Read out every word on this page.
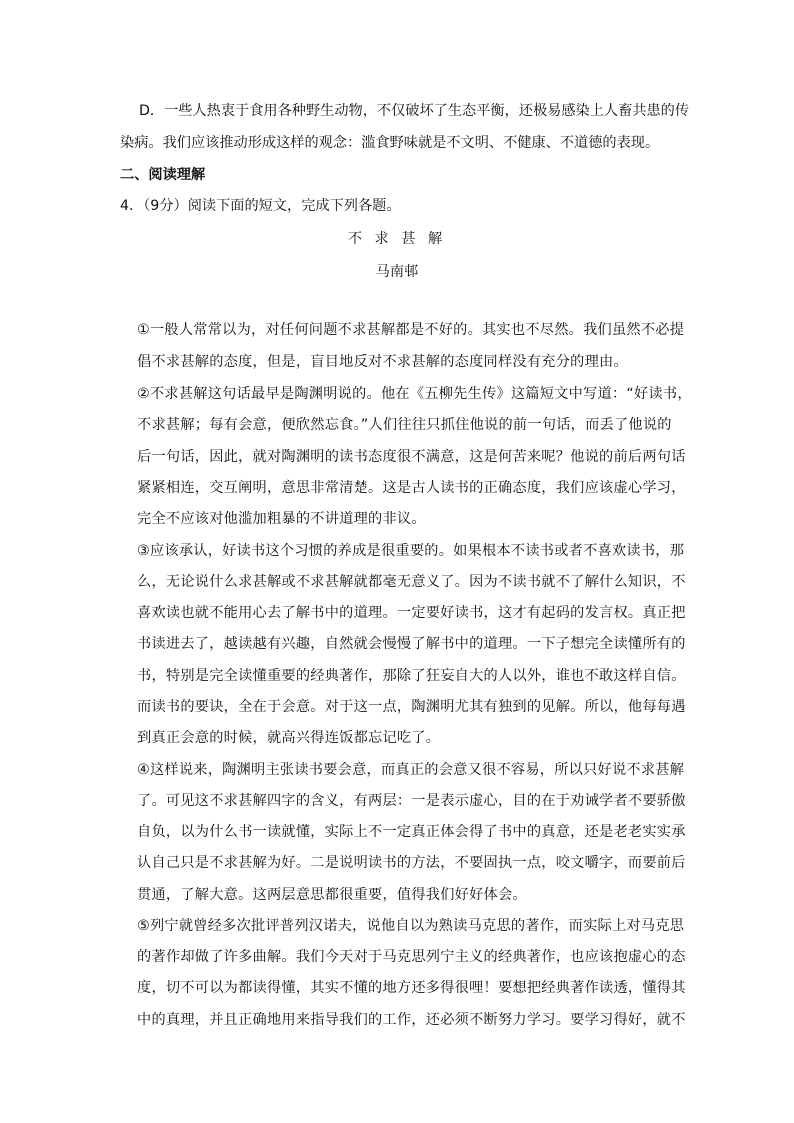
D．一些人热衷于食用各种野生动物，不仅破坏了生态平衡，还极易感染上人畜共患的传
染病。我们应该推动形成这样的观念：滥食野味就是不文明、不健康、不道德的表现。
二、阅读理解
4．（9分）阅读下面的短文，完成下列各题。
不 求 甚 解
马南邨
①一般人常常以为，对任何问题不求甚解都是不好的。其实也不尽然。我们虽然不必提
倡不求甚解的态度，但是，盲目地反对不求甚解的态度同样没有充分的理由。
②不求甚解这句话最早是陶渊明说的。他在《五柳先生传》这篇短文中写道：“好读书，
不求甚解；每有会意，便欣然忘食。”人们往往只抓住他说的前一句话，而丢了他说的
后一句话，因此，就对陶渊明的读书态度很不满意，这是何苦来呢？他说的前后两句话
紧紧相连，交互阐明，意思非常清楚。这是古人读书的正确态度，我们应该虚心学习，
完全不应该对他滥加粗暴的不讲道理的非议。
③应该承认，好读书这个习惯的养成是很重要的。如果根本不读书或者不喜欢读书，那
么，无论说什么求甚解或不求甚解就都毫无意义了。因为不读书就不了解什么知识，不
喜欢读也就不能用心去了解书中的道理。一定要好读书，这才有起码的发言权。真正把
书读进去了，越读越有兴趣，自然就会慢慢了解书中的道理。一下子想完全读懂所有的
书，特别是完全读懂重要的经典著作，那除了狂妄自大的人以外，谁也不敢这样自信。
而读书的要诀，全在于会意。对于这一点，陶渊明尤其有独到的见解。所以，他每每遇
到真正会意的时候，就高兴得连饭都忘记吃了。
④这样说来，陶渊明主张读书要会意，而真正的会意又很不容易，所以只好说不求甚解
了。可见这不求甚解四字的含义，有两层：一是表示虚心，目的在于劝诫学者不要骄傲
自负，以为什么书一读就懂，实际上不一定真正体会得了书中的真意，还是老老实实承
认自己只是不求甚解为好。二是说明读书的方法，不要固执一点，咬文嚼字，而要前后
贯通，了解大意。这两层意思都很重要，值得我们好好体会。
⑤列宁就曾经多次批评普列汉诺夫，说他自以为熟读马克思的著作，而实际上对马克思
的著作却做了许多曲解。我们今天对于马克思列宁主义的经典著作，也应该抱虚心的态
度，切不可以为都读得懂，其实不懂的地方还多得很哩！要想把经典著作读透，懂得其
中的真理，并且正确地用来指导我们的工作，还必须不断努力学习。要学习得好，就不
